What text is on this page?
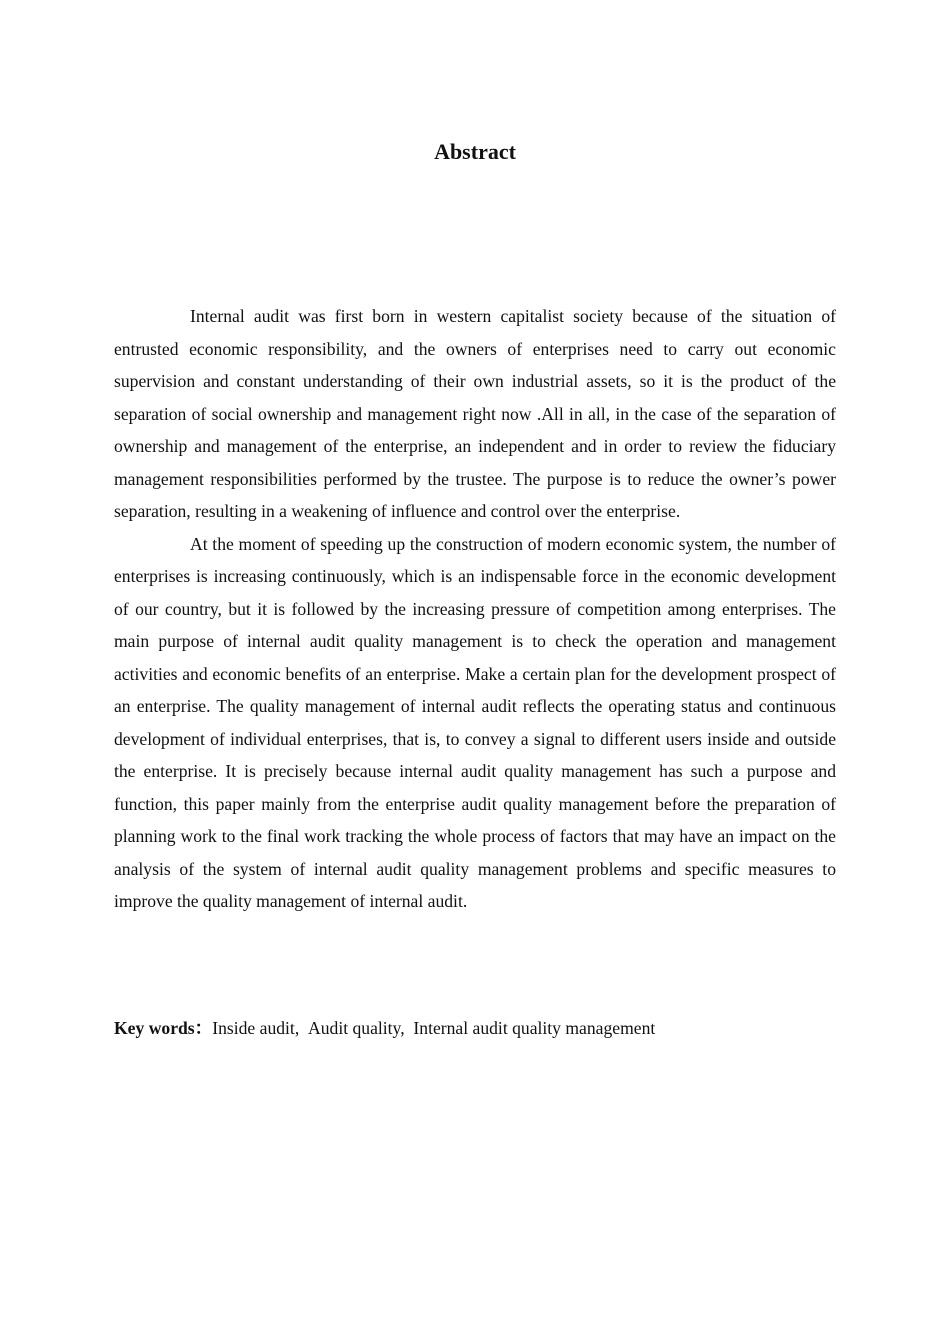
Abstract

Internal audit was first born in western capitalist society because of the situation of entrusted economic responsibility, and the owners of enterprises need to carry out economic supervision and constant understanding of their own industrial assets, so it is the product of the separation of social ownership and management right now .All in all, in the case of the separation of ownership and management of the enterprise, an independent and in order to review the fiduciary management responsibilities performed by the trustee. The purpose is to reduce the owner’s power separation, resulting in a weakening of influence and control over the enterprise.

At the moment of speeding up the construction of modern economic system, the number of enterprises is increasing continuously, which is an indispensable force in the economic development of our country, but it is followed by the increasing pressure of competition among enterprises. The main purpose of internal audit quality management is to check the operation and management activities and economic benefits of an enterprise. Make a certain plan for the development prospect of an enterprise. The quality management of internal audit reflects the operating status and continuous development of individual enterprises, that is, to convey a signal to different users inside and outside the enterprise. It is precisely because internal audit quality management has such a purpose and function, this paper mainly from the enterprise audit quality management before the preparation of planning work to the final work tracking the whole process of factors that may have an impact on the analysis of the system of internal audit quality management problems and specific measures to improve the quality management of internal audit.

Key words：Inside audit ,  Audit quality ,  Internal audit quality management
